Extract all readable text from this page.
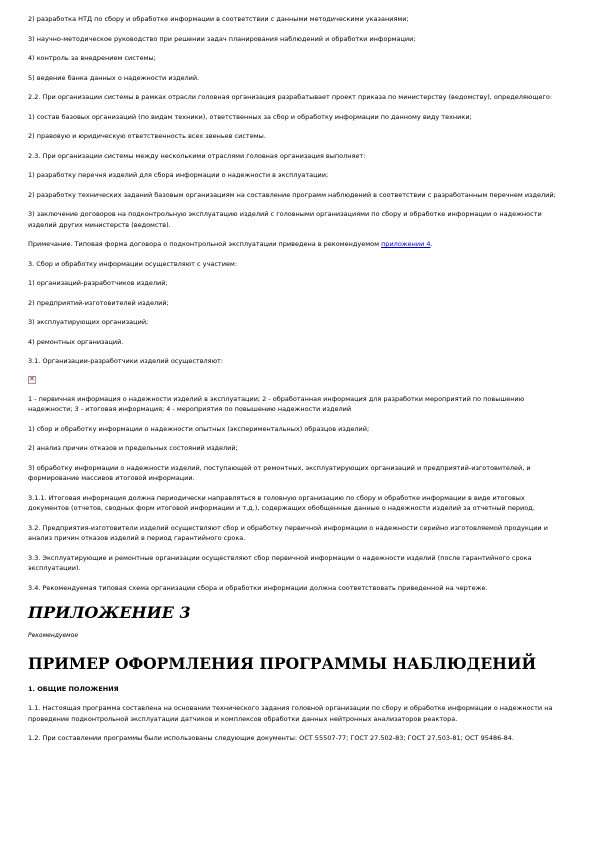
2) разработка НТД по сбору и обработке информации в соответствии с данными методическими указаниями;

3) научно-методическое руководство при решении задач планирования наблюдений и обработки информации;

4) контроль за внедрением системы;

5) ведение банка данных о надежности изделий.

2.2. При организации системы в рамках отрасли головная организация разрабатывает проект приказа по министерству (ведомству), определяющего:

1) состав базовых организаций (по видам техники), ответственных за сбор и обработку информации по данному виду техники;

2) правовую и юридическую ответственность всех звеньев системы.

2.3. При организации системы между несколькими отраслями головная организация выполняет:

1) разработку перечня изделий для сбора информации о надежности в эксплуатации;

2) разработку технических заданий базовым организациям на составление программ наблюдений в соответствии с разработанным перечнем изделий;

3) заключение договоров на подконтрольную эксплуатацию изделий с головными организациями по сбору и обработке информации о надежности изделий других министерств (ведомств).

Примечание. Типовая форма договора о подконтрольной эксплуатации приведена в рекомендуемом приложении 4.

3. Сбор и обработку информации осуществляют с участием:

1) организаций-разработчиков изделий;

2) предприятий-изготовителей изделий;

3) эксплуатирующих организаций;

4) ремонтных организаций.

3.1. Организации-разработчики изделий осуществляют:

✕

1 - первичная информация о надежности изделий в эксплуатации; 2 - обработанная информация для разработки мероприятий по повышению надежности; 3 - итоговая информация; 4 - мероприятия по повышению надежности изделий

1) сбор и обработку информации о надежности опытных (экспериментальных) образцов изделий;

2) анализ причин отказов и предельных состояний изделий;

3) обработку информации о надежности изделий, поступающей от ремонтных, эксплуатирующих организаций и предприятий-изготовителей, и формирование массивов итоговой информации.

3.1.1. Итоговая информация должна периодически направляться в головную организацию по сбору и обработке информации в виде итоговых документов (отчетов, сводных форм итоговой информации и т.д.), содержащих обобщенные данные о надежности изделий за отчетный период.

3.2. Предприятия-изготовители изделий осуществляют сбор и обработку первичной информации о надежности серийно изготовляемой продукции и анализ причин отказов изделий в период гарантийного срока.

3.3. Эксплуатирующие и ремонтные организации осуществляют сбор первичной информации о надежности изделий (после гарантийного срока эксплуатации).

3.4. Рекомендуемая типовая схема организации сбора и обработки информации должна соответствовать приведенной на чертеже.

ПРИЛОЖЕНИЕ 3
Рекомендуемое
ПРИМЕР ОФОРМЛЕНИЯ ПРОГРАММЫ НАБЛЮДЕНИЙ
1. ОБЩИЕ ПОЛОЖЕНИЯ

1.1. Настоящая программа составлена на основании технического задания головной организации по сбору и обработке информации о надежности на проведение подконтрольной эксплуатации датчиков и комплексов обработки данных нейтронных анализаторов реактора.

1.2. При составлении программы были использованы следующие документы: ОСТ 55507-77; ГОСТ 27.502-83; ГОСТ 27.503-81; ОСТ 95486-84.
